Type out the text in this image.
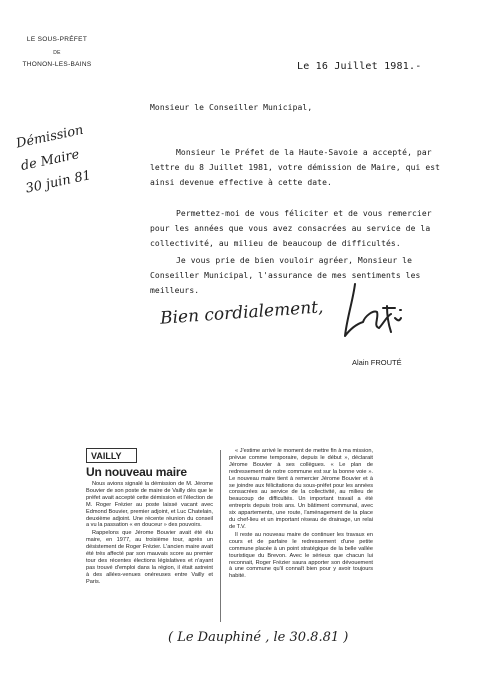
LE SOUS-PRÉFET
DE
THONON-LES-BAINS	Le 16 Juillet 1981.-
Démission
de Maire
30 juin 81
Monsieur le Conseiller Municipal,

Monsieur le Préfet de la Haute-Savoie a accepté, par lettre du 8 Juillet 1981, votre démission de Maire, qui est ainsi devenue effective à cette date.

Permettez-moi de vous féliciter et de vous remercier pour les années que vous avez consacrées au service de la collectivité, au milieu de beaucoup de difficultés.

Je vous prie de bien vouloir agréer, Monsieur le Conseiller Municipal, l'assurance de mes sentiments les meilleurs.

Bien cordialement,
Alain FROUTÉ
VAILLY
Un nouveau maire

Nous avions signalé la démission de M. Jérome Bouvier de son poste de maire de Vailly dès que le préfet avait accepté cette démission et l'élection de M. Roger Frézier au poste laissé vacant avec Edmond Bouvier, premier adjoint, et Luc Chatelain, deuxième adjoint. Une récente réunion du conseil a vu la passation « en douceur » des pouvoirs.

Rappelons que Jérome Bouvier avait été élu maire, en 1977, au troisième tour, après un désistement de Roger Frézier. L'ancien maire avait été très affecté par son mauvais score au premier tour des récentes élections législatives et n'ayant pas trouvé d'emploi dans la région, il était astreint à des allées-venues onéreuses entre Vailly et Paris.

« J'estime arrivé le moment de mettre fin à ma mission, prévue comme temporaire, depuis le début », déclarait Jérome Bouvier à ses collègues. « Le plan de redressement de notre commune est sur la bonne voie ». Le nouveau maire tient à remercier Jérome Bouvier et à se joindre aux félicitations du sous-préfet pour les années consacrées au service de la collectivité, au milieu de beaucoup de difficultés. Un important travail a été entrepris depuis trois ans. Un bâtiment communal, avec six appartements, une route, l'aménagement de la place du chef-lieu et un important réseau de drainage, un relai de T.V.

Il reste au nouveau maire de continuer les travaux en cours et de parfaire le redressement d'une petite commune placée à un point stratégique de la belle vallée touristique du Brevon. Avec le sérieux que chacun lui reconnait, Roger Frézier saura apporter son dévouement à une commune qu'il connaît bien pour y avoir toujours habité.

( Le Dauphiné , le 30.8.81 )
